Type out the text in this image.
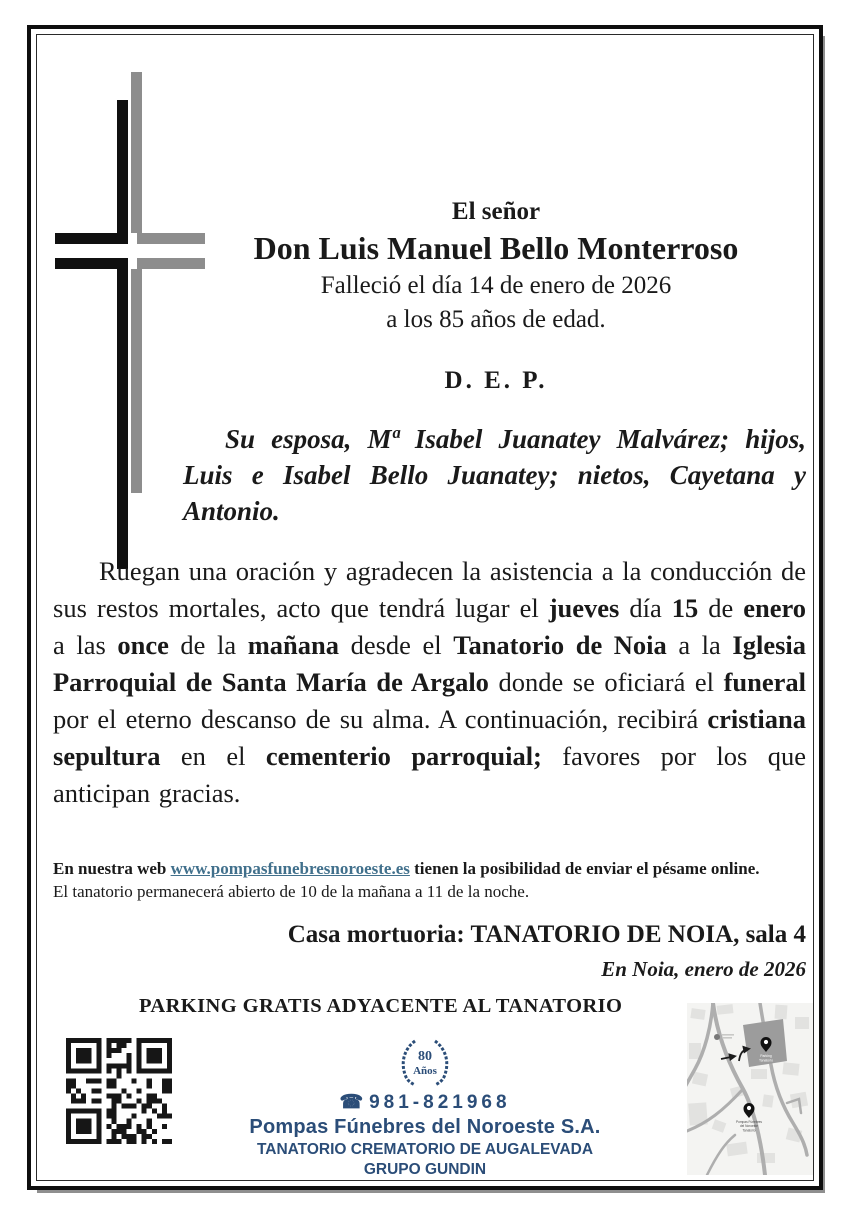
El señor
Don Luis Manuel Bello Monterroso
Falleció el día 14 de enero de 2026
a los 85 años de edad.
D. E. P.
Su esposa, Mª Isabel Juanatey Malvárez; hijos, Luis e Isabel Bello Juanatey; nietos, Cayetana y Antonio.
Ruegan una oración y agradecen la asistencia a la conducción de sus restos mortales, acto que tendrá lugar el jueves día 15 de enero a las once de la mañana desde el Tanatorio de Noia a la Iglesia Parroquial de Santa María de Argalo donde se oficiará el funeral por el eterno descanso de su alma. A continuación, recibirá cristiana sepultura en el cementerio parroquial; favores por los que anticipan gracias.
En nuestra web www.pompasfunebresnoroeste.es tienen la posibilidad de enviar el pésame online.
El tanatorio permanecerá abierto de 10 de la mañana a 11 de la noche.
Casa mortuoria: TANATORIO DE NOIA, sala 4
En Noia, enero de 2026
PARKING GRATIS ADYACENTE AL TANATORIO
80
Años
☎ 981-821968
Pompas Fúnebres del Noroeste S.A.
TANATORIO CREMATORIO DE AUGALEVADA
GRUPO GUNDIN
Parking
Tanatorio
Pompas Fúnebres
del Noroeste
Tanatorio
